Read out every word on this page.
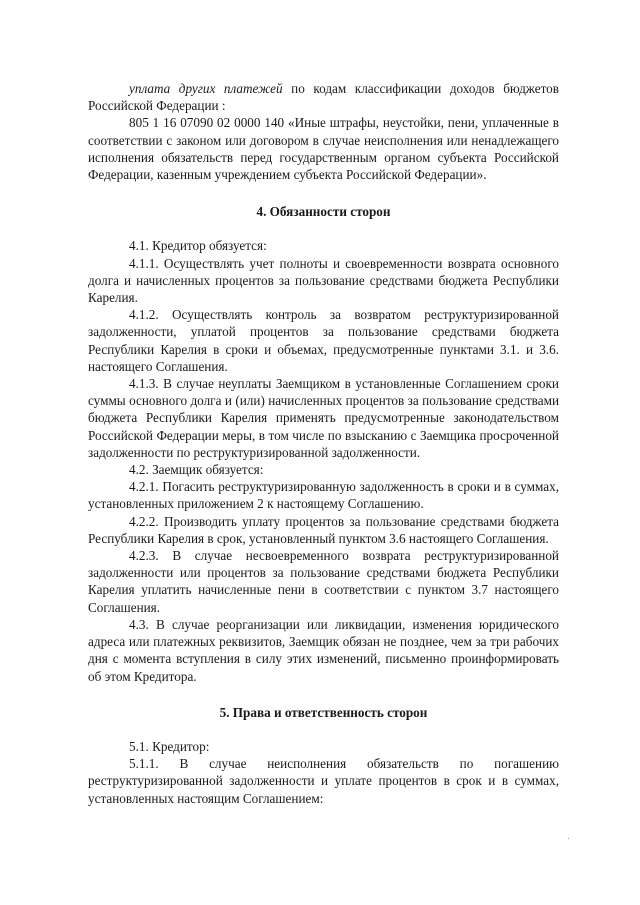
уплата других платежей по кодам классификации доходов бюджетов Российской Федерации :

805 1 16 07090 02 0000 140 «Иные штрафы, неустойки, пени, уплаченные в соответствии с законом или договором в случае неисполнения или ненадлежащего исполнения обязательств перед государственным органом субъекта Российской Федерации, казенным учреждением субъекта Российской Федерации».

4. Обязанности сторон

4.1. Кредитор обязуется:

4.1.1. Осуществлять учет полноты и своевременности возврата основного долга и начисленных процентов за пользование средствами бюджета Республики Карелия.

4.1.2. Осуществлять контроль за возвратом реструктуризированной задолженности, уплатой процентов за пользование средствами бюджета Республики Карелия в сроки и объемах, предусмотренные пунктами 3.1. и 3.6. настоящего Соглашения.

4.1.3. В случае неуплаты Заемщиком в установленные Соглашением сроки суммы основного долга и (или) начисленных процентов за пользование средствами бюджета Республики Карелия применять предусмотренные законодательством Российской Федерации меры, в том числе по взысканию с Заемщика просроченной задолженности по реструктуризированной задолженности.

4.2. Заемщик обязуется:

4.2.1. Погасить реструктуризированную задолженность в сроки и в суммах, установленных приложением 2 к настоящему Соглашению.

4.2.2. Производить уплату процентов за пользование средствами бюджета Республики Карелия в срок, установленный пунктом 3.6 настоящего Соглашения.

4.2.3. В случае несвоевременного возврата реструктуризированной задолженности или процентов за пользование средствами бюджета Республики Карелия уплатить начисленные пени в соответствии с пунктом 3.7 настоящего Соглашения.

4.3. В случае реорганизации или ликвидации, изменения юридического адреса или платежных реквизитов, Заемщик обязан не позднее, чем за три рабочих дня с момента вступления в силу этих изменений, письменно проинформировать об этом Кредитора.

5. Права и ответственность сторон

5.1. Кредитор:

5.1.1. В случае неисполнения обязательств по погашению реструктуризированной задолженности и уплате процентов в срок и в суммах, установленных настоящим Соглашением:
